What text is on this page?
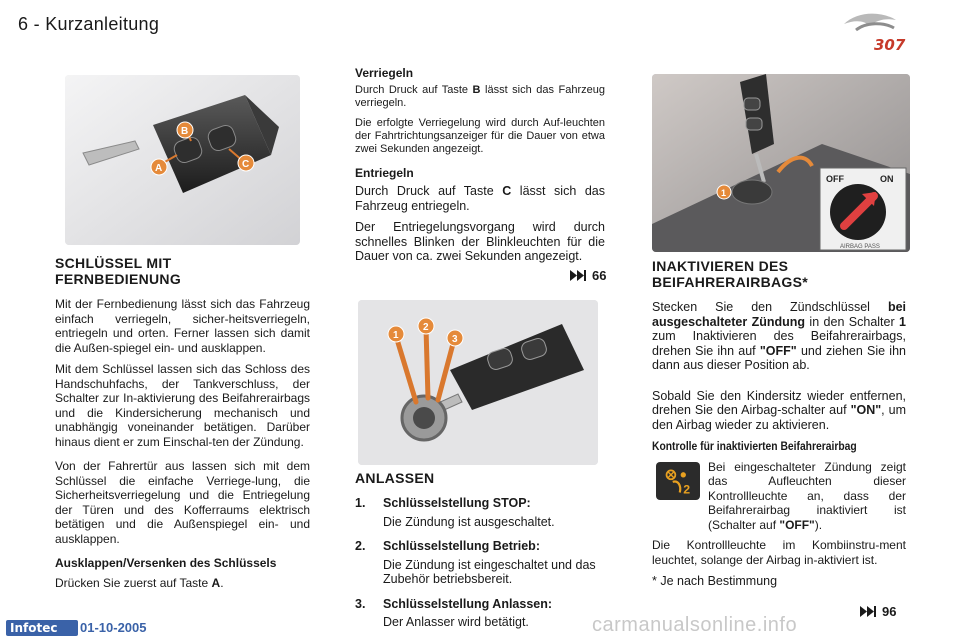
6 - Kurzanleitung
307
B
A	C
SCHLÜSSEL MIT
FERNBEDIENUNG

Mit der Fernbedienung lässt sich das Fahrzeug einfach verriegeln, sicher-heitsverriegeln, entriegeln und orten. Ferner lassen sich damit die Außen-spiegel ein- und ausklappen.

Mit dem Schlüssel lassen sich das Schloss des Handschuhfachs, der Tankverschluss, der Schalter zur In-aktivierung des Beifahrerairbags und die Kindersicherung mechanisch und unabhängig voneinander betätigen. Darüber hinaus dient er zum Einschal-ten der Zündung.

Von der Fahrertür aus lassen sich mit dem Schlüssel die einfache Verriege-lung, die Sicherheitsverriegelung und die Entriegelung der Türen und des Kofferraums elektrisch betätigen und die Außenspiegel ein- und ausklappen.

Ausklappen/Versenken des Schlüssels

Drücken Sie zuerst auf Taste A.

Verriegeln

Durch Druck auf Taste B lässt sich das Fahrzeug verriegeln.

Die erfolgte Verriegelung wird durch Auf-leuchten der Fahrtrichtungsanzeiger für die Dauer von etwa zwei Sekunden angezeigt.

Entriegeln

Durch Druck auf Taste C lässt sich das Fahrzeug entriegeln.

Der Entriegelungsvorgang wird durch schnelles Blinken der Blinkleuchten für die Dauer von ca. zwei Sekunden angezeigt.

66
1
2
3
ANLASSEN
1.	Schlüsselstellung STOP:
Die Zündung ist ausgeschaltet.
2.	Schlüsselstellung Betrieb:
Die Zündung ist eingeschaltet und das Zubehör betriebsbereit.
3.	Schlüsselstellung Anlassen:
Der Anlasser wird betätigt.
1
OFF	ON
AIRBAG PASS
INAKTIVIEREN DES
BEIFAHRERAIRBAGS*

Stecken Sie den Zündschlüssel bei ausgeschalteter Zündung in den Schalter 1 zum Inaktivieren des Beifahrerairbags, drehen Sie ihn auf "OFF" und ziehen Sie ihn dann aus dieser Position ab.

Sobald Sie den Kindersitz wieder entfernen, drehen Sie den Airbag-schalter auf "ON", um den Airbag wieder zu aktivieren.

Kontrolle für inaktivierten Beifahrerairbag
2
Bei eingeschalteter Zündung zeigt das Aufleuchten dieser Kontrollleuchte an, dass der Beifahrerairbag inaktiviert ist (Schalter auf "OFF").

Die Kontrollleuchte im Kombiinstru-ment leuchtet, solange der Airbag in-aktiviert ist.

* Je nach Bestimmung

96
Infotec	01-10-2005	carmanualsonline.info
